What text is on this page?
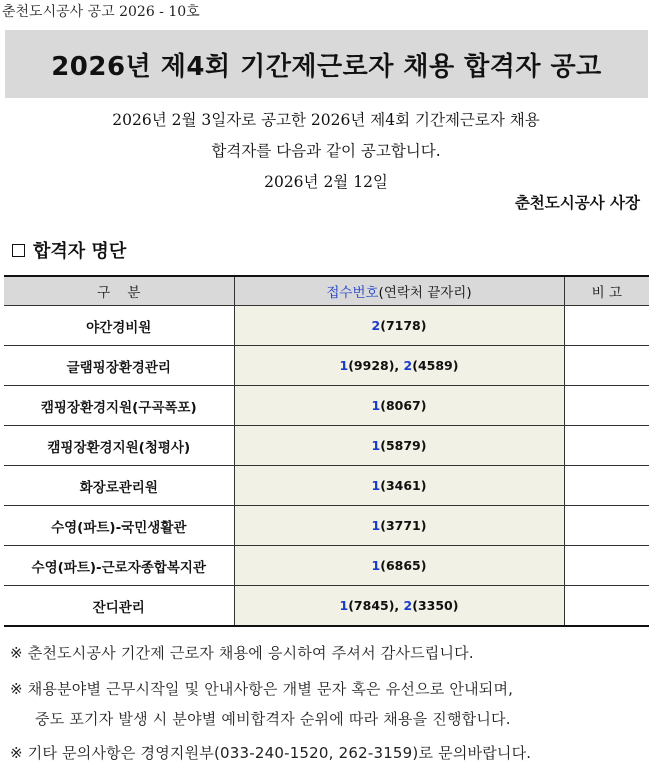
춘천도시공사 공고 2026 - 10호
2026년 제4회 기간제근로자 채용 합격자 공고
2026년 2월 3일자로 공고한 2026년 제4회 기간제근로자 채용
합격자를 다음과 같이 공고합니다.
2026년 2월 12일
춘천도시공사 사장
합격자 명단
구    분	접수번호(연락처 끝자리)	비 고
야간경비원	2(7178)	
글램핑장환경관리	1(9928), 2(4589)	
캠핑장환경지원(구곡폭포)	1(8067)	
캠핑장환경지원(청평사)	1(5879)	
화장로관리원	1(3461)	
수영(파트)-국민생활관	1(3771)	
수영(파트)-근로자종합복지관	1(6865)	
잔디관리	1(7845), 2(3350)	
※ 춘천도시공사 기간제 근로자 채용에 응시하여 주셔서 감사드립니다.
※ 채용분야별 근무시작일 및 안내사항은 개별 문자 혹은 유선으로 안내되며,
중도 포기자 발생 시 분야별 예비합격자 순위에 따라 채용을 진행합니다.
※ 기타 문의사항은 경영지원부(033-240-1520, 262-3159)로 문의바랍니다.
